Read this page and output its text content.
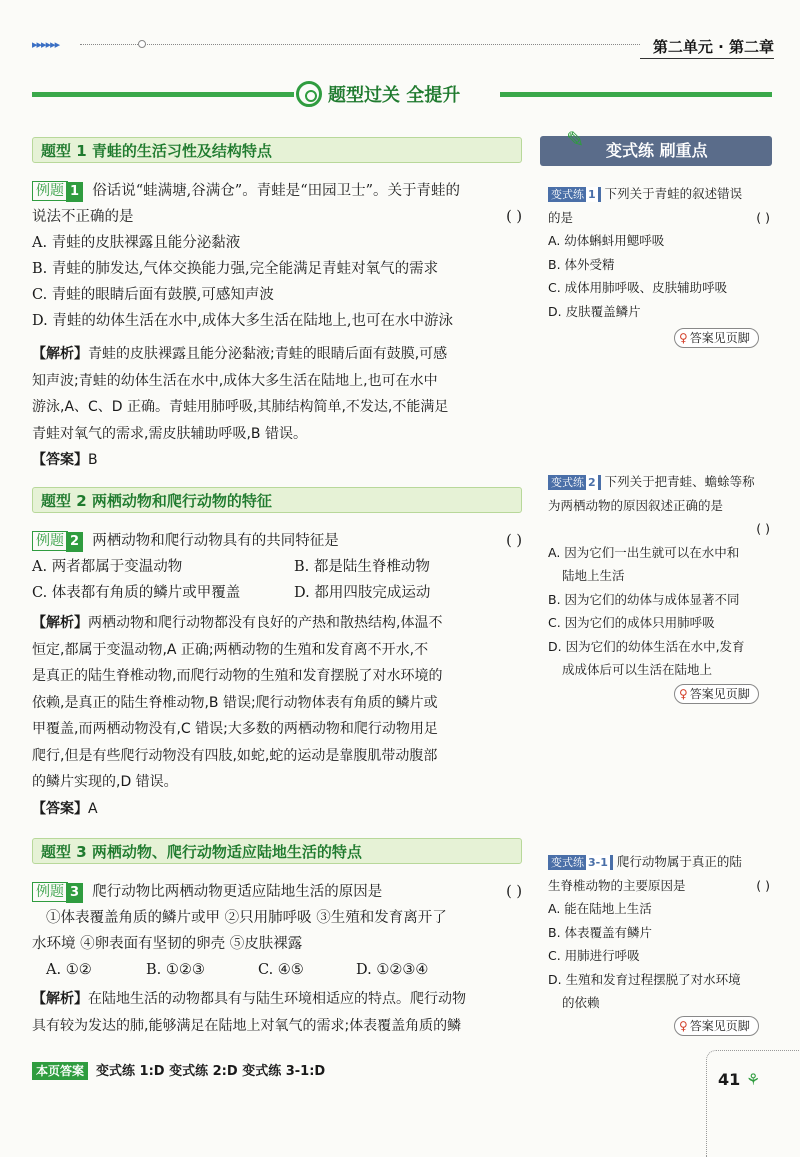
▸▸▸▸▸▸	第二单元 · 第二章
题型过关 全提升
变式练 刷重点
✎
题型 1 青蛙的生活习性及结构特点
例题 1 俗话说“蛙满塘,谷满仓”。青蛙是“田园卫士”。关于青蛙的
说法不正确的是	( )
A. 青蛙的皮肤裸露且能分泌黏液
B. 青蛙的肺发达,气体交换能力强,完全能满足青蛙对氧气的需求
C. 青蛙的眼睛后面有鼓膜,可感知声波
D. 青蛙的幼体生活在水中,成体大多生活在陆地上,也可在水中游泳
【解析】青蛙的皮肤裸露且能分泌黏液;青蛙的眼睛后面有鼓膜,可感
知声波;青蛙的幼体生活在水中,成体大多生活在陆地上,也可在水中
游泳,A、C、D 正确。青蛙用肺呼吸,其肺结构简单,不发达,不能满足
青蛙对氧气的需求,需皮肤辅助呼吸,B 错误。
【答案】B
题型 2 两栖动物和爬行动物的特征
例题 2 两栖动物和爬行动物具有的共同特征是	( )
A. 两者都属于变温动物	B. 都是陆生脊椎动物
C. 体表都有角质的鳞片或甲覆盖	D. 都用四肢完成运动
【解析】两栖动物和爬行动物都没有良好的产热和散热结构,体温不
恒定,都属于变温动物,A 正确;两栖动物的生殖和发育离不开水,不
是真正的陆生脊椎动物,而爬行动物的生殖和发育摆脱了对水环境的
依赖,是真正的陆生脊椎动物,B 错误;爬行动物体表有角质的鳞片或
甲覆盖,而两栖动物没有,C 错误;大多数的两栖动物和爬行动物用足
爬行,但是有些爬行动物没有四肢,如蛇,蛇的运动是靠腹肌带动腹部
的鳞片实现的,D 错误。
【答案】A
题型 3 两栖动物、爬行动物适应陆地生活的特点
例题 3 爬行动物比两栖动物更适应陆地生活的原因是	( )
①体表覆盖角质的鳞片或甲 ②只用肺呼吸 ③生殖和发育离开了
水环境 ④卵表面有坚韧的卵壳 ⑤皮肤裸露
A. ①②	B. ①②③	C. ④⑤	D. ①②③④
【解析】在陆地生活的动物都具有与陆生环境相适应的特点。爬行动物
具有较为发达的肺,能够满足在陆地上对氧气的需求;体表覆盖角质的鳞
变式练 1 下列关于青蛙的叙述错误
的是	( )
A. 幼体蝌蚪用鳃呼吸
B. 体外受精
C. 成体用肺呼吸、皮肤辅助呼吸
D. 皮肤覆盖鳞片
♀ 答案见页脚
变式练 2 下列关于把青蛙、蟾蜍等称
为两栖动物的原因叙述正确的是
( )
A. 因为它们一出生就可以在水中和
陆地上生活
B. 因为它们的幼体与成体显著不同
C. 因为它们的成体只用肺呼吸
D. 因为它们的幼体生活在水中,发育
成成体后可以生活在陆地上
♀ 答案见页脚
变式练 3-1 爬行动物属于真正的陆
生脊椎动物的主要原因是	( )
A. 能在陆地上生活
B. 体表覆盖有鳞片
C. 用肺进行呼吸
D. 生殖和发育过程摆脱了对水环境
的依赖
♀ 答案见页脚
本页答案 变式练 1:D 变式练 2:D 变式练 3-1:D	41 ⚘
